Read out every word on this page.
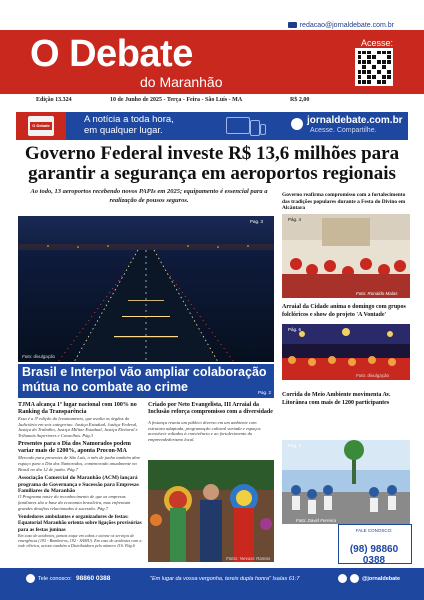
redacao@jornaldebate.com.br
O Debate
do Maranhão
Acesse:
Edição 13.324	10 de Junho de 2025 - Terça - Feira - São Luís - MA	R$ 2,00
O Debate
A notícia a toda hora,
em qualquer lugar.
jornaldebate.com.br
Acesse. Compartilhe.
Governo Federal investe R$ 13,6 milhões para
garantir a segurança em aeroportos regionais
Ao todo, 13 aeroportos recebendo novos PAPIs em 2025; equipamento é essencial para a
realização de pousos seguros.
Pag. 3
Foto: divulgação
Brasil e Interpol vão ampliar colaboração
mútua no combate ao crime	Pag. 2
TJMA alcança 1º lugar nacional com 100% no Ranking da Transparência
Essa é a 5ª edição do levantamento, que avalia os órgãos do Judiciário em seis categorias: Justiça Estadual, Justiça Federal, Justiça do Trabalho, Justiça Militar Estadual, Justiça Eleitoral e Tribunais Superiores e Conselhos. Pág.3
Presentes para o Dia dos Namorados podem variar mais de 1200%, aponta Procon-MA
Mercado para presentes de São Luís, o mês de junho também abre espaço para o Dia dos Namorados, comemorado anualmente no Brasil no dia 12 de junho. Pág.7
Associação Comercial do Maranhão (ACM) lançará programa de Governança e Sucessão para Empresas Familiares do Maranhão
O Programa nasce do reconhecimento de que as empresas familiares são a base da economia brasileira, mas enfrentam grandes desafios relacionados à sucessão. Pág.7
Vendedores ambulantes e organizadores de festas: Equatorial Maranhão orienta sobre ligações provisórias para as festas juninas
Em caso de acidentes, jamais toque em cabos e acione os serviços de emergência (193 - Bombeiros, 192 - SAMU). Em caso de acidentes com a rede elétrica, acione também a Distribuidora pelo número 116. Pág.6
Criado por Neto Evangelista, III Arraial da Inclusão reforça compromisso com a diversidade
A festança reuniu um público diverso em um ambiente com estrutura adaptada, programação cultural variada e espaços acessíveis voltados à convivência e ao fortalecimento do empreendedorismo local.
Fotos: Nevasc Ramos
Governo reafirma compromisso com a fortalecimento das tradições populares durante a Festa do Divino em Alcântara
Pág. 4
Foto: Ronaldo Malas
Arraial da Cidade anima o domingo com grupos folclóricos e show do projeto 'A Vontade'
Pág. 6
Foto: divulgação
Corrida do Meio Ambiente movimenta Av. Litorânea com mais de 1200 participantes
Pág. 5
Foto: David Ferreira
FALE CONOSCO:
(98) 98860 0388
Tele conosco: 98860 0388	"Em lugar da vossa vergonha, tereis dupla honra" Isaías 61:7	@jornaldebate
